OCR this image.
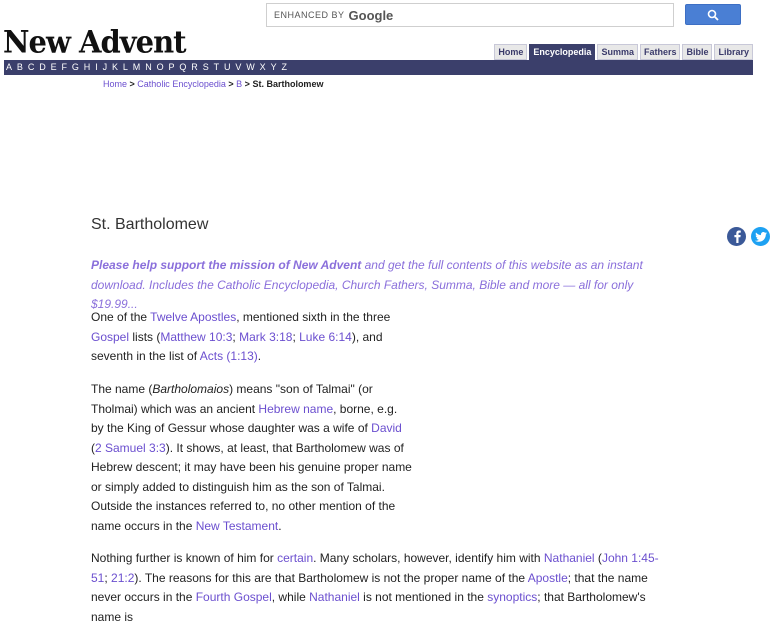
ENHANCED BY Google
New Advent	Home	Encyclopedia	Summa	Fathers	Bible	Library
A B C D E F G H I J K L M N O P Q R S T U V W X Y Z
Home > Catholic Encyclopedia > B > St. Bartholomew
St. Bartholomew
Please help support the mission of New Advent and get the full contents of this website as an instant download. Includes the Catholic Encyclopedia, Church Fathers, Summa, Bible and more — all for only $19.99...
One of the Twelve Apostles, mentioned sixth in the three Gospel lists (Matthew 10:3; Mark 3:18; Luke 6:14), and seventh in the list of Acts (1:13).
The name (Bartholomaios) means "son of Talmai" (or Tholmai) which was an ancient Hebrew name, borne, e.g. by the King of Gessur whose daughter was a wife of David (2 Samuel 3:3). It shows, at least, that Bartholomew was of Hebrew descent; it may have been his genuine proper name or simply added to distinguish him as the son of Talmai. Outside the instances referred to, no other mention of the name occurs in the New Testament.
Nothing further is known of him for certain. Many scholars, however, identify him with Nathaniel (John 1:45-51; 21:2). The reasons for this are that Bartholomew is not the proper name of the Apostle; that the name never occurs in the Fourth Gospel, while Nathaniel is not mentioned in the synoptics; that Bartholomew's name is
